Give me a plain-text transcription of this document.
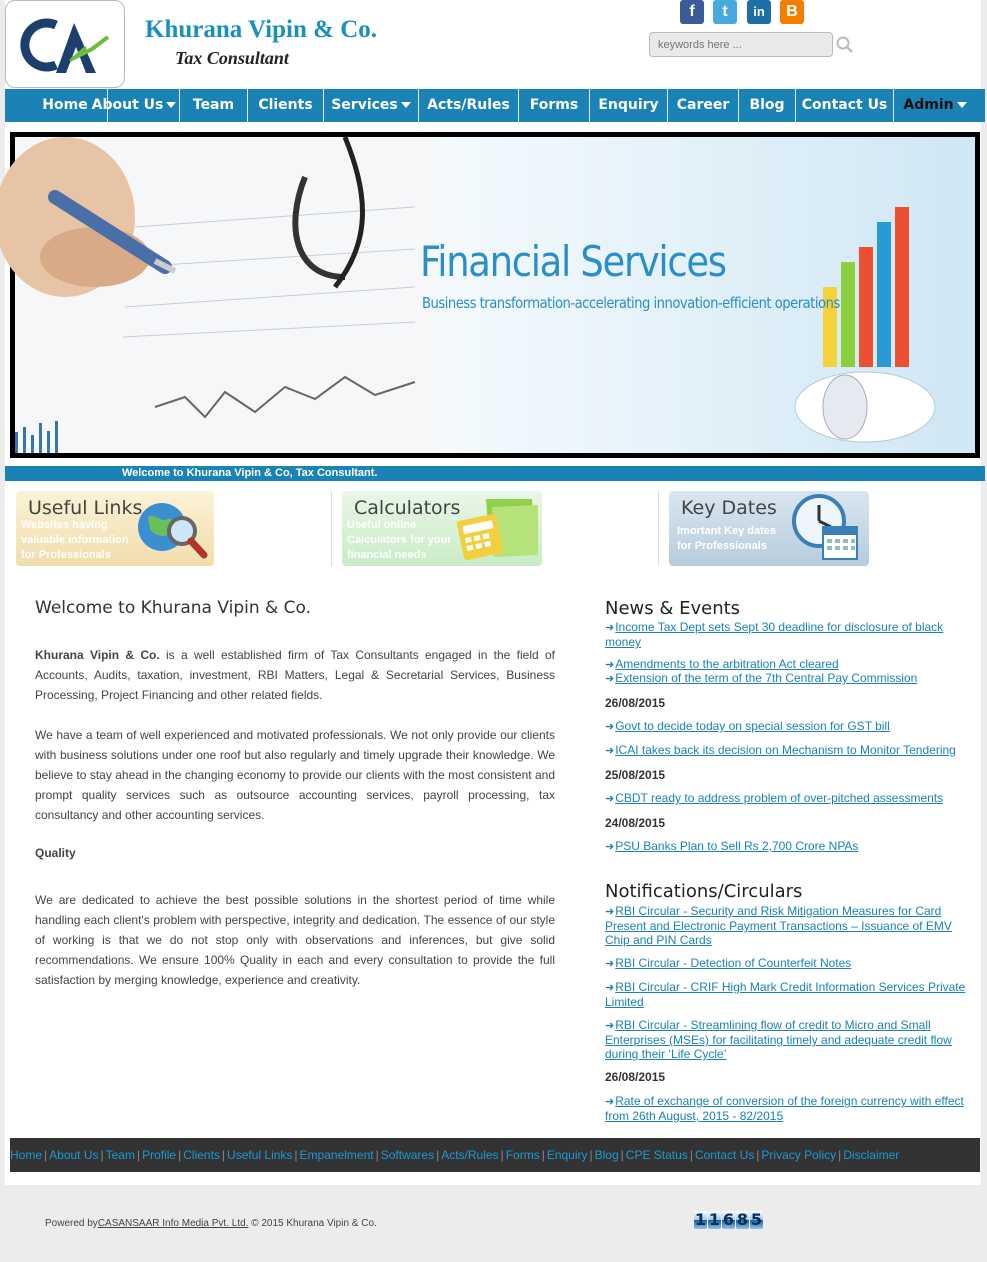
Khurana Vipin & Co.
Tax Consultant
f	t	in	B
keywords here ...
Home About Us	Team	Clients	Services	Acts/Rules	Forms	Enquiry	Career	Blog	Contact Us	Admin
Financial Services
Business transformation-accelerating innovation-efficient operations
Welcome to Khurana Vipin & Co, Tax Consultant.
Useful Links
Websites having
valuable information
for Professionals
Calculators
Useful online
Calculators for your
financial needs
Key Dates
Imortant Key dates
for Professionals
Welcome to Khurana Vipin & Co.
Khurana Vipin & Co. is a well established firm of Tax Consultants engaged in the field of Accounts, Audits, taxation, investment, RBI Matters, Legal & Secretarial Services, Business Processing, Project Financing and other related fields.
We have a team of well experienced and motivated professionals. We not only provide our clients with business solutions under one roof but also regularly and timely upgrade their knowledge. We believe to stay ahead in the changing economy to provide our clients with the most consistent and prompt quality services such as outsource accounting services, payroll processing, tax consultancy and other accounting services.
Quality
We are dedicated to achieve the best possible solutions in the shortest period of time while handling each client's problem with perspective, integrity and dedication. The essence of our style of working is that we do not stop only with observations and inferences, but give solid recommendations. We ensure 100% Quality in each and every consultation to provide the full satisfaction by merging knowledge, experience and creativity.
News & Events
➜Income Tax Dept sets Sept 30 deadline for disclosure of black money
➜Amendments to the arbitration Act cleared
➜Extension of the term of the 7th Central Pay Commission
26/08/2015
➜Govt to decide today on special session for GST bill
➜ICAI takes back its decision on Mechanism to Monitor Tendering
25/08/2015
➜CBDT ready to address problem of over-pitched assessments
24/08/2015
➜PSU Banks Plan to Sell Rs 2,700 Crore NPAs
Notifications/Circulars
➜RBI Circular - Security and Risk Mitigation Measures for Card Present and Electronic Payment Transactions – Issuance of EMV Chip and PIN Cards
➜RBI Circular - Detection of Counterfeit Notes
➜RBI Circular - CRIF High Mark Credit Information Services Private Limited
➜RBI Circular - Streamlining flow of credit to Micro and Small Enterprises (MSEs) for facilitating timely and adequate credit flow during their ‘Life Cycle’
26/08/2015
➜Rate of exchange of conversion of the foreign currency with effect from 26th August, 2015 - 82/2015
Home | About Us | Team | Profile | Clients | Useful Links | Empanelment | Softwares | Acts/Rules | Forms | Enquiry | Blog | CPE Status | Contact Us | Privacy Policy | Disclaimer
Powered byCASANSAAR Info Media Pvt. Ltd. © 2015 Khurana Vipin & Co.	1 1 6 8 5
